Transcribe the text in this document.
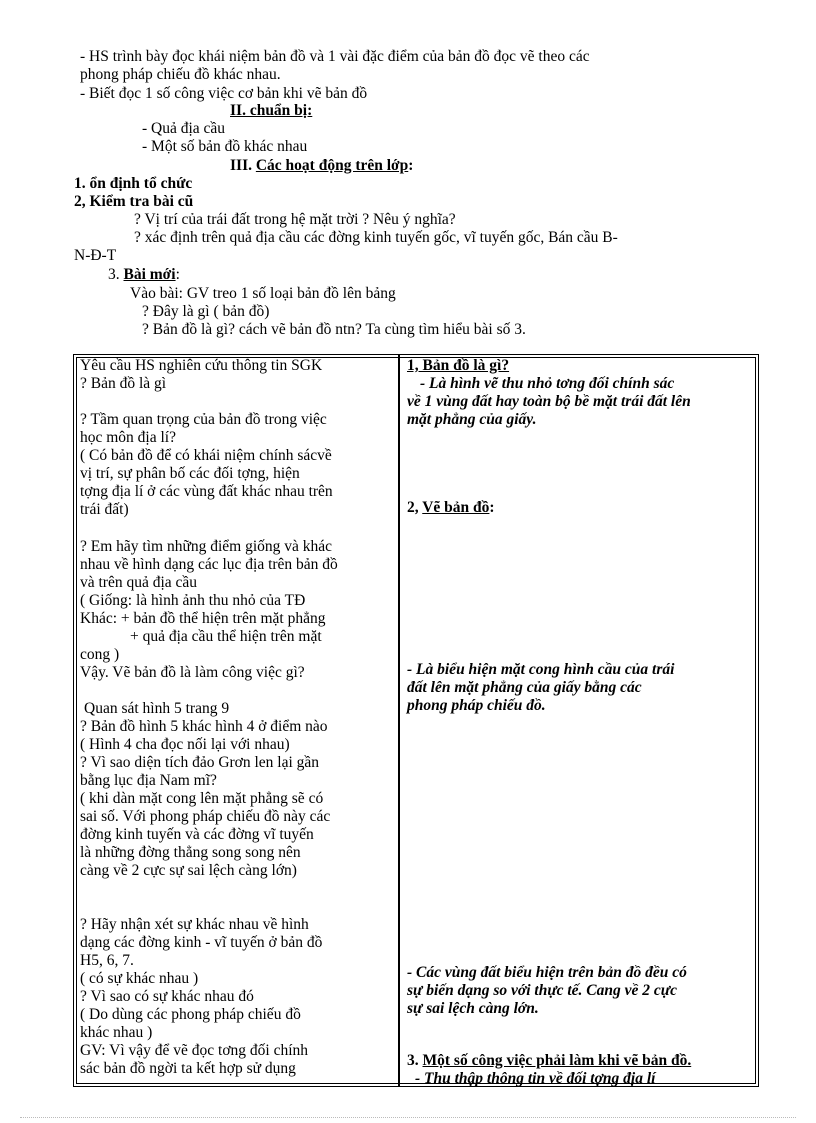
- HS trình bày đọc khái niệm bản đồ và 1 vài đặc điểm của bản đồ đọc vẽ theo các
phong pháp chiếu đồ khác nhau.
- Biết đọc 1 số công việc cơ bản khi vẽ bản đồ
II. chuẩn bị:
- Quả địa cầu
- Một số bản đồ khác nhau
III. Các hoạt động trên lớp:
1. ổn định tổ chức
2, Kiểm tra bài cũ
? Vị trí của trái đất trong hệ mặt trời ? Nêu ý nghĩa?
? xác định trên quả địa cầu các đờng kinh tuyến gốc, vĩ tuyến gốc, Bán cầu B-
N-Đ-T
3. Bài mới:
Vào bài: GV treo 1 số loại bản đồ lên bảng
? Đây là gì ( bản đồ)
? Bản đồ là gì? cách vẽ bản đồ ntn? Ta cùng tìm hiểu bài số 3.
Yêu cầu HS nghiên cứu thông tin SGK
? Bản đồ là gì
? Tầm quan trọng của bản đồ trong việc
học môn địa lí?
( Có bản đồ để có khái niệm chính sácvề
vị trí, sự phân bố các đối tợng, hiện
tợng địa lí ở các vùng đất khác nhau trên
trái đất)
? Em hãy tìm những điểm giống và khác
nhau về hình dạng các lục địa trên bản đồ
và trên quả địa cầu
( Giống: là hình ảnh thu nhỏ của TĐ
Khác: + bản đồ thể hiện trên mặt phẳng
+ quả địa cầu thể hiện trên mặt
cong )
Vậy. Vẽ bản đồ là làm công việc gì?
Quan sát hình 5 trang 9
? Bản đồ hình 5 khác hình 4 ở điểm nào
( Hình 4 cha đọc nối lại với nhau)
? Vì sao diện tích đảo Grơn len lại gần
bằng lục địa Nam mĩ?
( khi dàn mặt cong lên mặt phẳng sẽ có
sai số. Với phong pháp chiếu đồ này các
đờng kinh tuyến và các đờng vĩ tuyến
là những đờng thẳng song song nên
càng về 2 cực sự sai lệch càng lớn)
? Hãy nhận xét sự khác nhau về hình
dạng các đờng kinh - vĩ tuyến ở bản đồ
H5, 6, 7.
( có sự khác nhau )
? Vì sao có sự khác nhau đó
( Do dùng các phong pháp chiếu đồ
khác nhau )
GV: Vì vậy để vẽ đọc tơng đối chính
sác bản đồ ngời ta kết hợp sử dụng
1, Bản đồ là gì?
- Là hình vẽ thu nhỏ tơng đối chính sác
về 1 vùng đất hay toàn bộ bề mặt trái đất lên
mặt phẳng của giấy.
2, Vẽ bản đồ:
- Là biểu hiện mặt cong hình cầu của trái
đất lên mặt phẳng của giấy bằng các
phong pháp chiếu đồ.
- Các vùng đất biểu hiện trên bản đồ đều có
sự biến dạng so với thực tế. Cang về 2 cực
sự sai lệch càng lớn.
3. Một số công việc phải làm khi vẽ bản đồ.
- Thu thập thông tin về đối tợng địa lí
